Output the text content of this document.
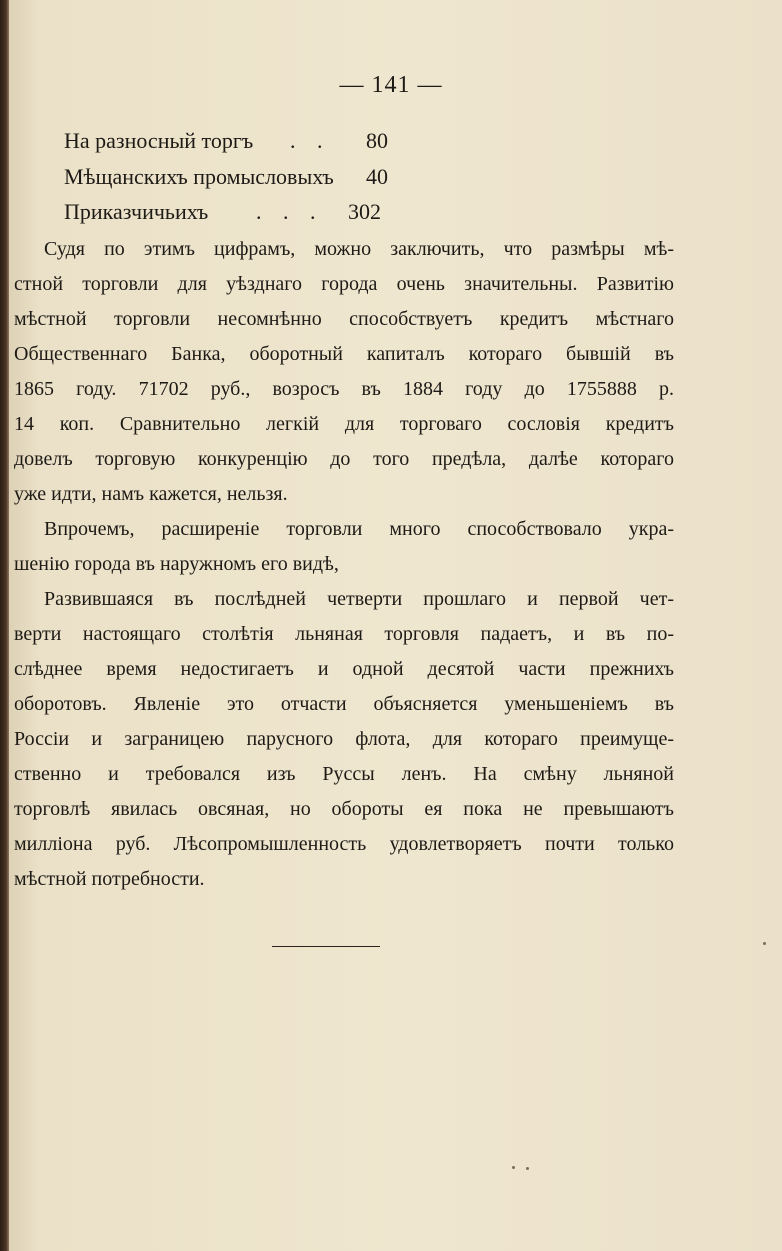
— 141 —
На разносный торгъ . . 80
Мѣщанскихъ промысловыхъ 40
Приказчичьихъ . . . 302
Судя по этимъ цифрамъ, можно заключить, что размѣры мѣ-
стной торговли для уѣзднаго города очень значительны. Развитію
мѣстной торговли несомнѣнно способствуетъ кредитъ мѣстнаго
Общественнаго Банка, оборотный капиталъ котораго бывшій въ
1865 году. 71702 руб., возросъ въ 1884 году до 1755888 р.
14 коп. Сравнительно легкій для торговаго сословія кредитъ
довелъ торговую конкуренцію до того предѣла, далѣе котораго
уже идти, намъ кажется, нельзя.
Впрочемъ, расширеніе торговли много способствовало укра-
шенію города въ наружномъ его видѣ,
Развившаяся въ послѣдней четверти прошлаго и первой чет-
верти настоящаго столѣтія льняная торговля падаетъ, и въ по-
слѣднее время недостигаетъ и одной десятой части прежнихъ
оборотовъ. Явленіе это отчасти объясняется уменьшеніемъ въ
Россіи и заграницею парусного флота, для котораго преимуще-
ственно и требовался изъ Руссы ленъ. На смѣну льняной
торговлѣ явилась овсяная, но обороты ея пока не превышаютъ
милліона руб. Лѣсопромышленность удовлетворяетъ почти только
мѣстной потребности.
